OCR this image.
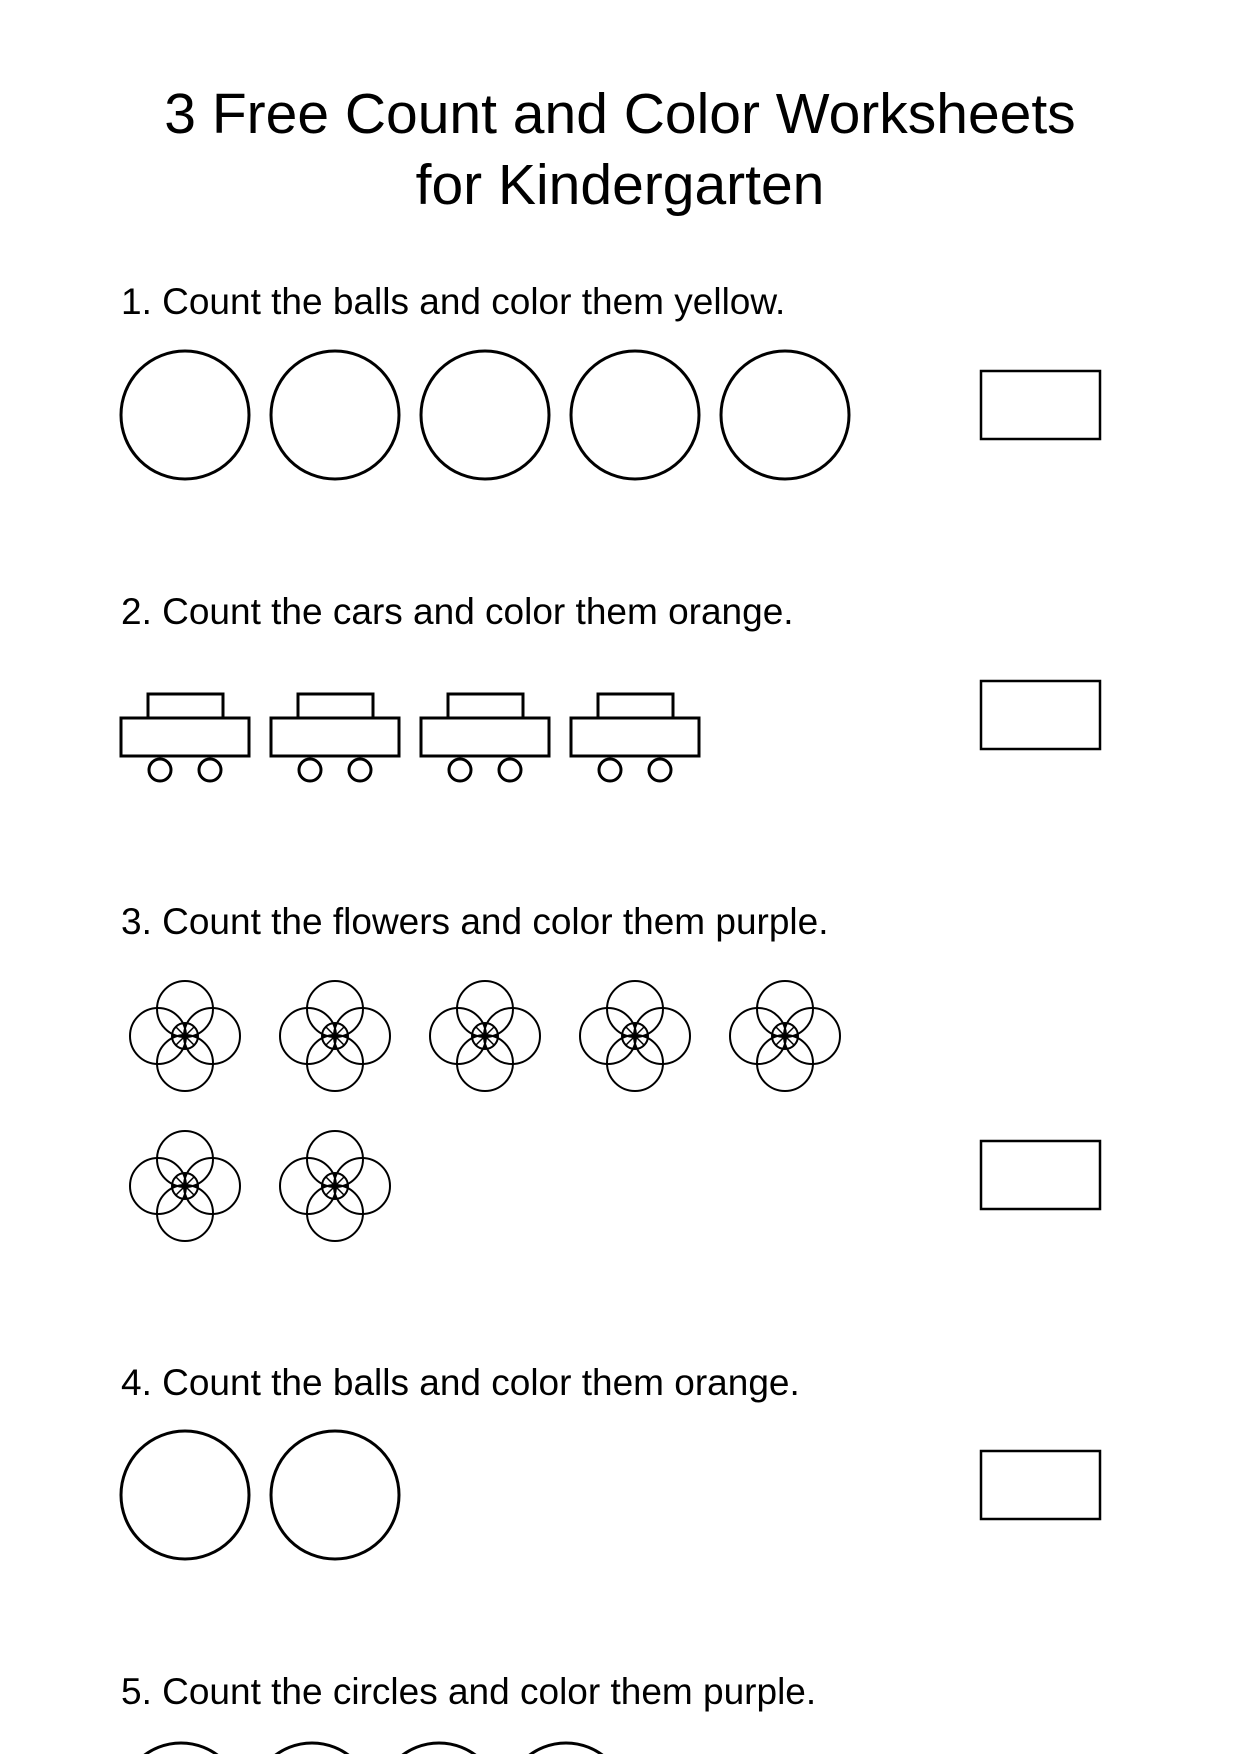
3 Free Count and Color Worksheets
for Kindergarten
1. Count the balls and color them yellow.
2. Count the cars and color them orange.
3. Count the flowers and color them purple.
4. Count the balls and color them orange.
5. Count the circles and color them purple.
